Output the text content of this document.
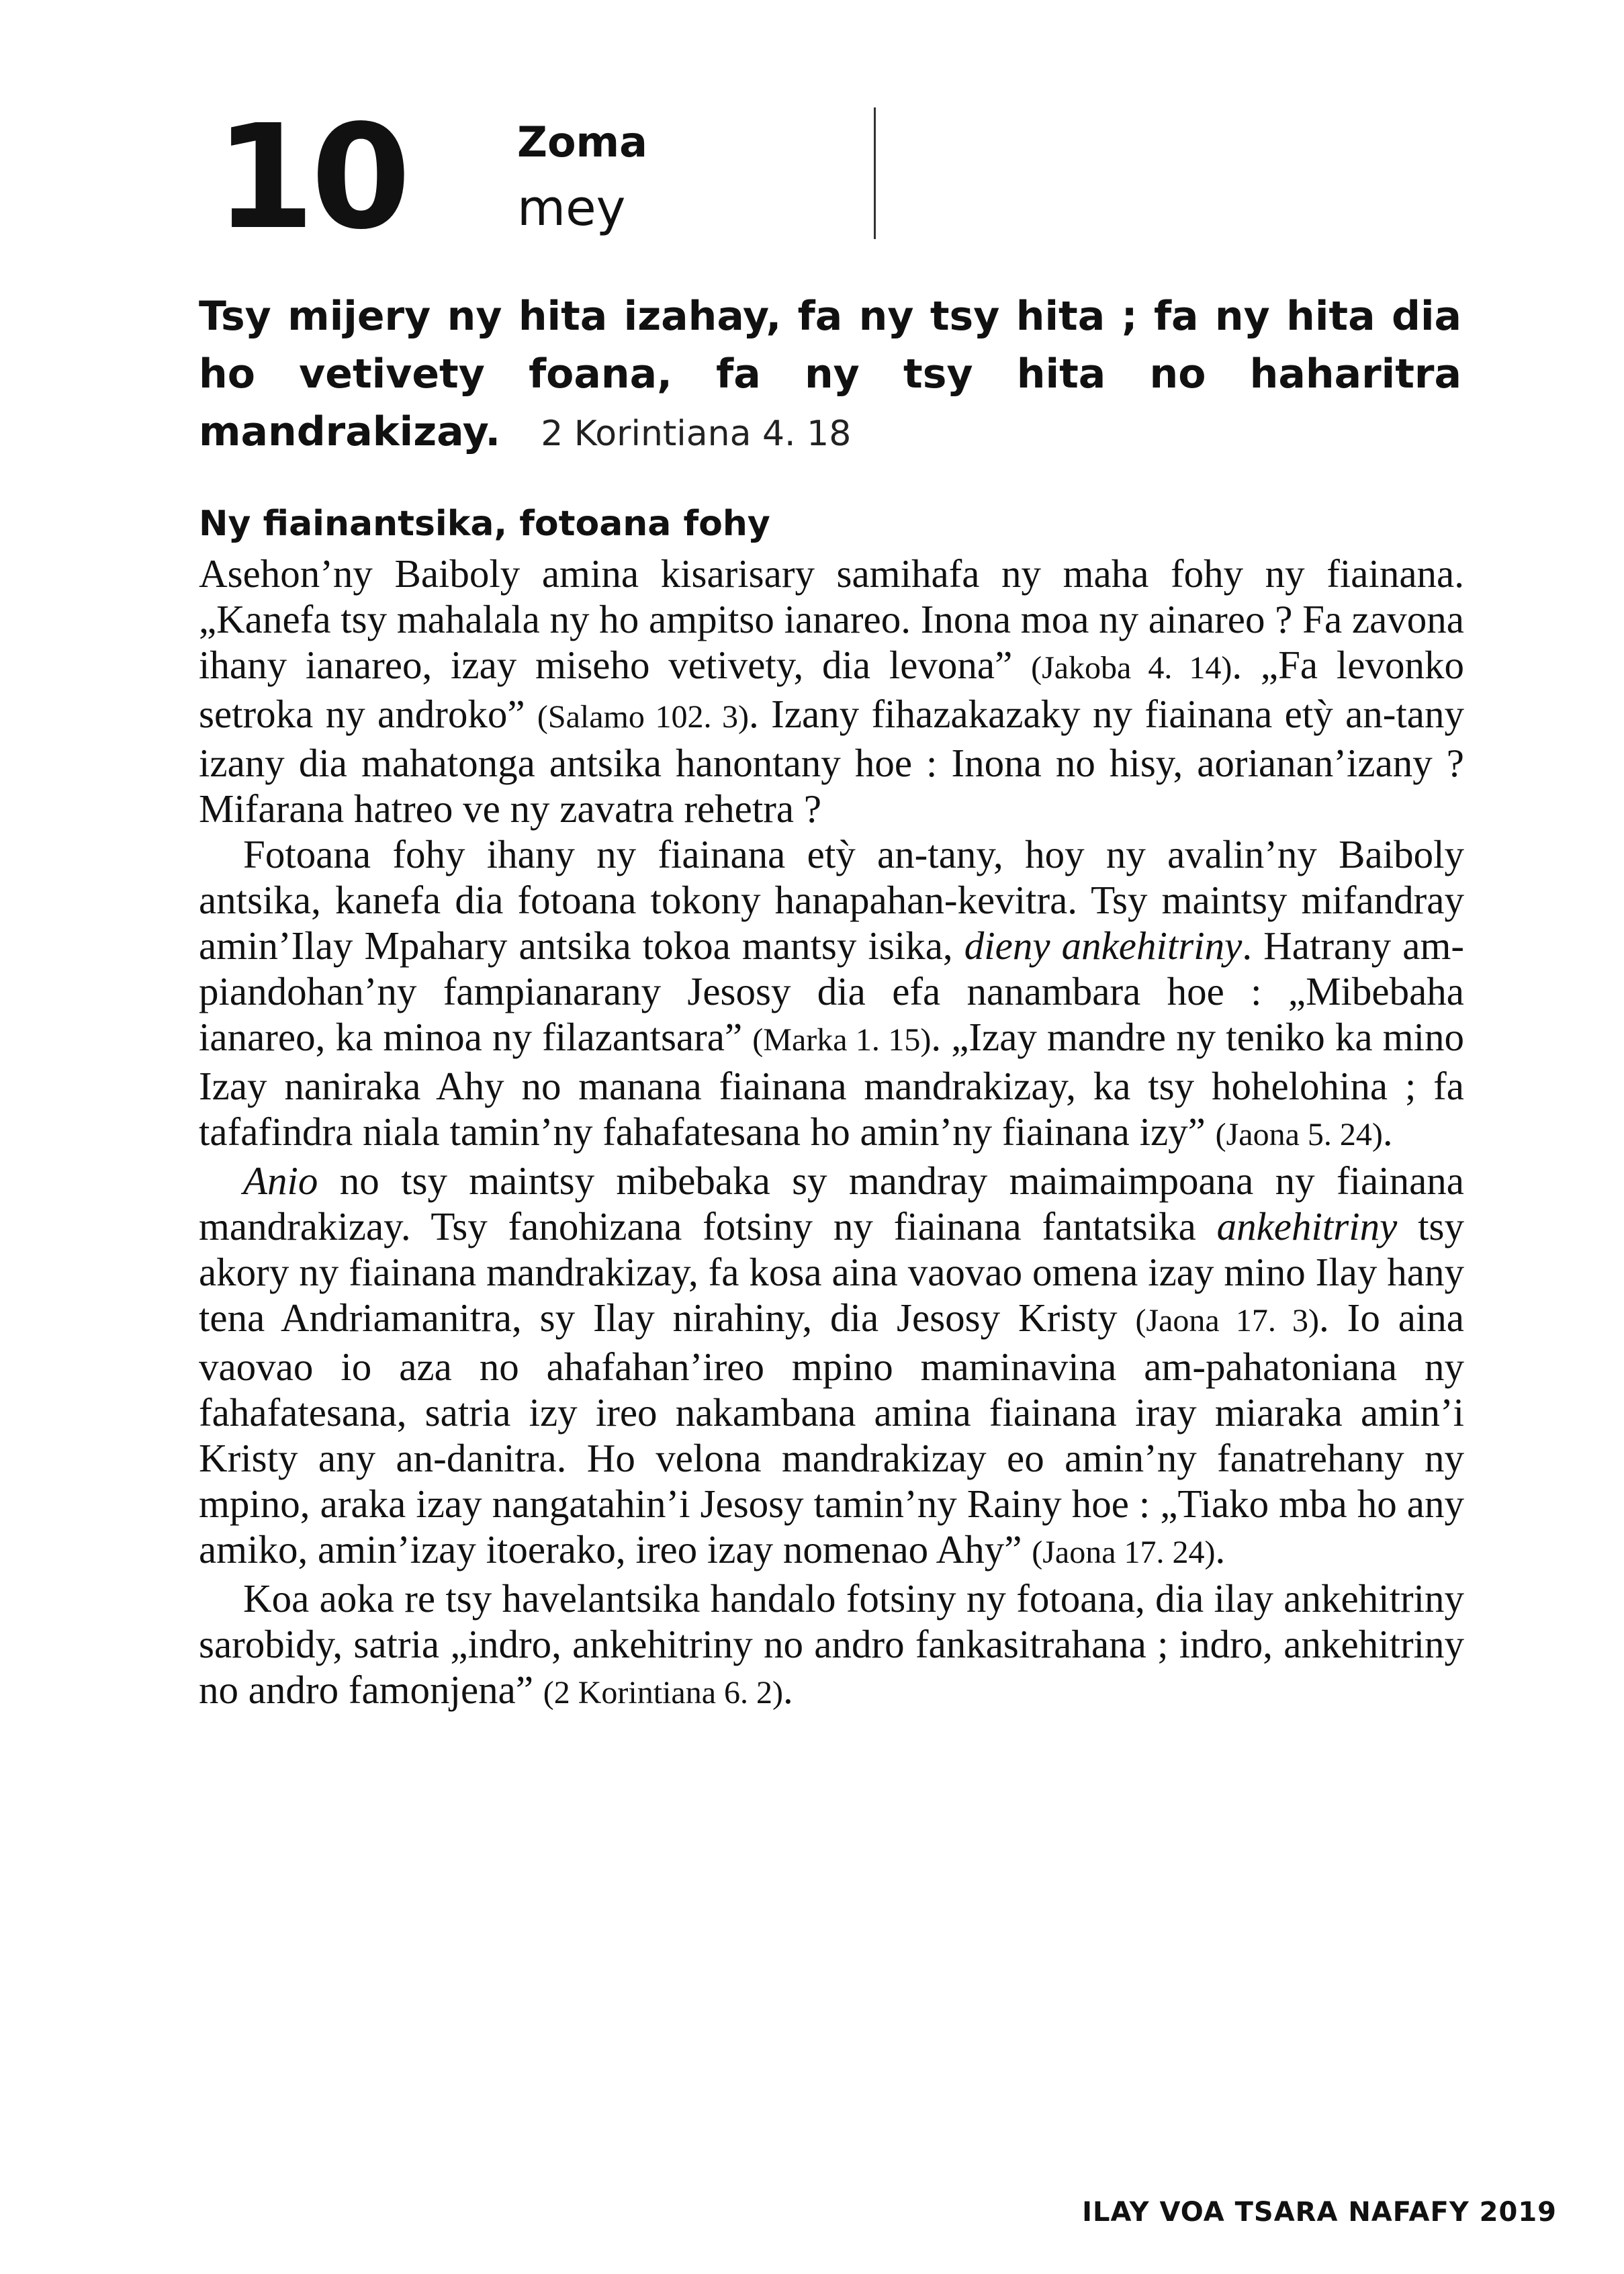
10	Zoma
mey
Tsy mijery ny hita izahay, fa ny tsy hita ; fa ny hita dia ho vetivety foana, fa ny tsy hita no haharitra mandrakizay. 2 Korintiana 4. 18
Ny fiainantsika, fotoana fohy

Asehon’ny Baiboly amina kisarisary samihafa ny maha fohy ny fiainana. „Kanefa tsy mahalala ny ho ampitso ianareo. Inona moa ny ainareo ? Fa zavona ihany ianareo, izay miseho vetivety, dia levona” (Jakoba 4. 14). „Fa levonko setroka ny androko” (Salamo 102. 3). Izany fihazakazaky ny fiainana etỳ an-tany izany dia mahatonga antsika hanontany hoe : Inona no hisy, aorianan’izany ? Mifarana hatreo ve ny zavatra rehetra ?

Fotoana fohy ihany ny fiainana etỳ an-tany, hoy ny avalin’ny Baiboly antsika, kanefa dia fotoana tokony hanapahan-kevitra. Tsy maintsy mifandray amin’Ilay Mpahary antsika tokoa mantsy isika, dieny ankehitriny. Hatrany am-piandohan’ny fampianarany Jesosy dia efa nanambara hoe : „Mibebaha ianareo, ka minoa ny filazantsara” (Marka 1. 15). „Izay mandre ny teniko ka mino Izay naniraka Ahy no manana fiainana mandrakizay, ka tsy hohelohina ; fa tafafindra niala tamin’ny fahafatesana ho amin’ny fiainana izy” (Jaona 5. 24).

Anio no tsy maintsy mibebaka sy mandray maimaimpoana ny fiainana mandrakizay. Tsy fanohizana fotsiny ny fiainana fantatsika ankehitriny tsy akory ny fiainana mandrakizay, fa kosa aina vaovao omena izay mino Ilay hany tena Andriamanitra, sy Ilay nirahiny, dia Jesosy Kristy (Jaona 17. 3). Io aina vaovao io aza no ahafahan’ireo mpino maminavina am-pahatoniana ny fahafatesana, satria izy ireo nakambana amina fiainana iray miaraka amin’i Kristy any an-danitra. Ho velona mandrakizay eo amin’ny fanatrehany ny mpino, araka izay nangatahin’i Jesosy tamin’ny Rainy hoe : „Tiako mba ho any amiko, amin’izay itoerako, ireo izay nomenao Ahy” (Jaona 17. 24).

Koa aoka re tsy havelantsika handalo fotsiny ny fotoana, dia ilay ankehitriny sarobidy, satria „indro, ankehitriny no andro fankasitrahana ; indro, ankehitriny no andro famonjena” (2 Korintiana 6. 2).

ILAY VOA TSARA NAFAFY 2019
